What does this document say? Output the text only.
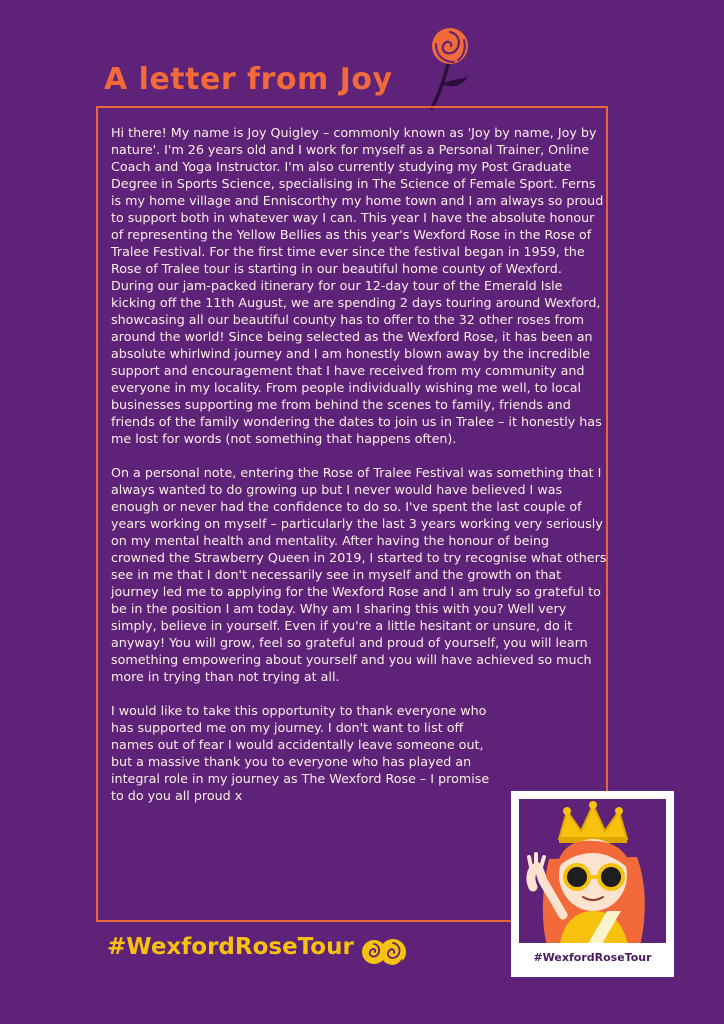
A letter from Joy

Hi there! My name is Joy Quigley – commonly known as 'Joy by name, Joy by nature'. I'm 26 years old and I work for myself as a Personal Trainer, Online Coach and Yoga Instructor. I'm also currently studying my Post Graduate Degree in Sports Science, specialising in The Science of Female Sport. Ferns is my home village and Enniscorthy my home town and I am always so proud to support both in whatever way I can. This year I have the absolute honour of representing the Yellow Bellies as this year's Wexford Rose in the Rose of Tralee Festival. For the first time ever since the festival began in 1959, the Rose of Tralee tour is starting in our beautiful home county of Wexford. During our jam-packed itinerary for our 12-day tour of the Emerald Isle kicking off the 11th August, we are spending 2 days touring around Wexford, showcasing all our beautiful county has to offer to the 32 other roses from around the world! Since being selected as the Wexford Rose, it has been an absolute whirlwind journey and I am honestly blown away by the incredible support and encouragement that I have received from my community and everyone in my locality. From people individually wishing me well, to local businesses supporting me from behind the scenes to family, friends and friends of the family wondering the dates to join us in Tralee – it honestly has me lost for words (not something that happens often).

On a personal note, entering the Rose of Tralee Festival was something that I always wanted to do growing up but I never would have believed I was enough or never had the confidence to do so. I've spent the last couple of years working on myself – particularly the last 3 years working very seriously on my mental health and mentality. After having the honour of being crowned the Strawberry Queen in 2019, I started to try recognise what others see in me that I don't necessarily see in myself and the growth on that journey led me to applying for the Wexford Rose and I am truly so grateful to be in the position I am today. Why am I sharing this with you? Well very simply, believe in yourself. Even if you're a little hesitant or unsure, do it anyway! You will grow, feel so grateful and proud of yourself, you will learn something empowering about yourself and you will have achieved so much more in trying than not trying at all.

I would like to take this opportunity to thank everyone who has supported me on my journey. I don't want to list off names out of fear I would accidentally leave someone out, but a massive thank you to everyone who has played an integral role in my journey as The Wexford Rose – I promise to do you all proud x

#WexfordRoseTour
#WexfordRoseTour
